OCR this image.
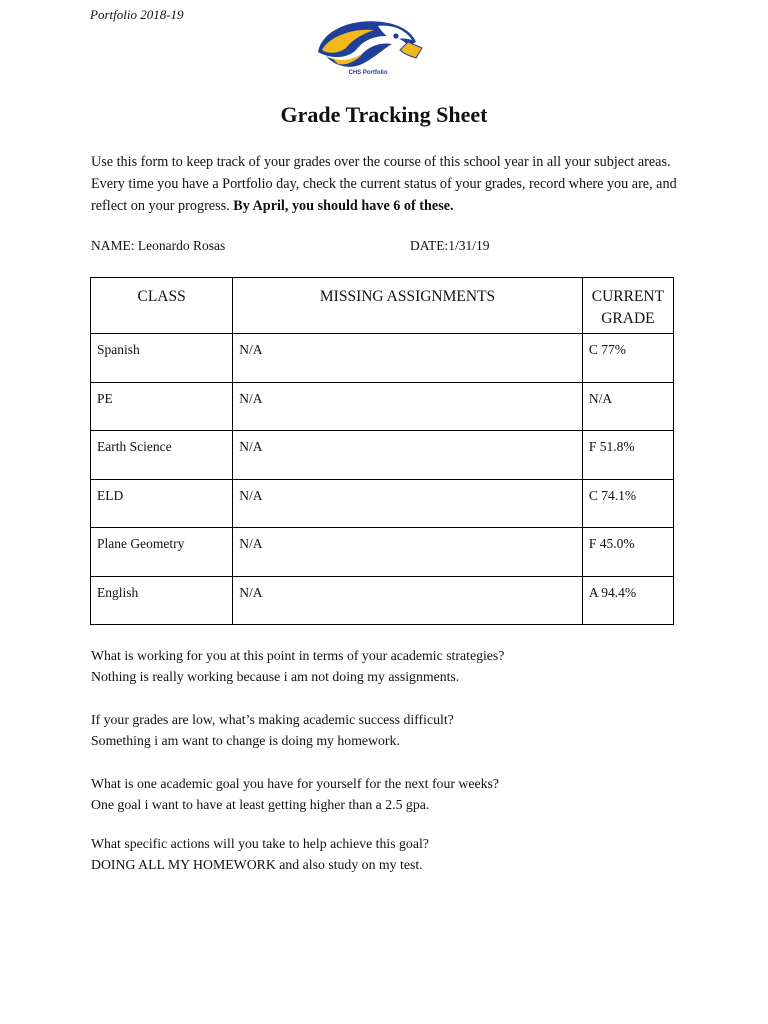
Portfolio 2018-19
CHS Portfolio
Grade Tracking Sheet
Use this form to keep track of your grades over the course of this school year in all your subject areas. Every time you have a Portfolio day, check the current status of your grades, record where you are, and reflect on your progress. By April, you should have 6 of these.
NAME: Leonardo Rosas	DATE:1/31/19
CLASS	MISSING ASSIGNMENTS	CURRENT GRADE
Spanish	N/A	C 77%
PE	N/A	N/A
Earth Science	N/A	F 51.8%
ELD	N/A	C 74.1%
Plane Geometry	N/A	F 45.0%
English	N/A	A 94.4%
What is working for you at this point in terms of your academic strategies?
Nothing is really working because i am not doing my assignments.
If your grades are low, what’s making academic success difficult?
Something i am want to change is doing my homework.
What is one academic goal you have for yourself for the next four weeks?
One goal i want to have at least getting higher than a 2.5 gpa.
What specific actions will you take to help achieve this goal?
DOING ALL MY HOMEWORK and also study on my test.
